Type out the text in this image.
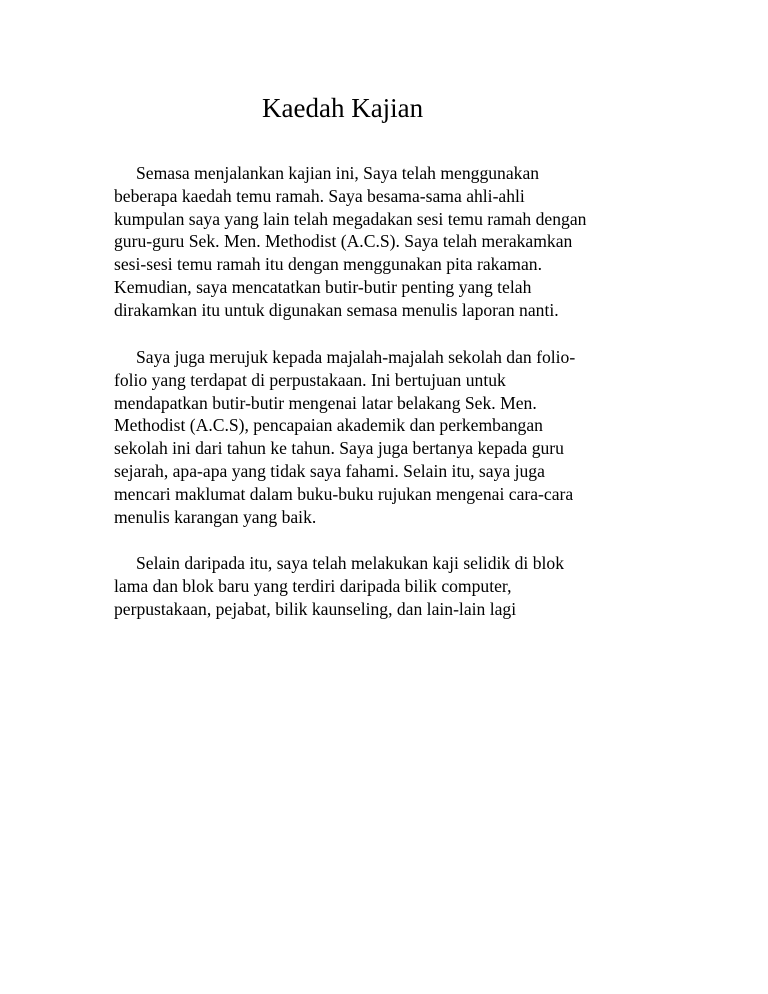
Kaedah Kajian
Semasa menjalankan kajian ini, Saya telah menggunakan
beberapa kaedah temu ramah. Saya besama-sama ahli-ahli
kumpulan saya yang lain telah megadakan sesi temu ramah dengan
guru-guru Sek. Men. Methodist (A.C.S). Saya telah merakamkan
sesi-sesi temu ramah itu dengan menggunakan pita rakaman.
Kemudian, saya mencatatkan butir-butir penting yang telah
dirakamkan itu untuk digunakan semasa menulis laporan nanti.
Saya juga merujuk kepada majalah-majalah sekolah dan folio-
folio yang terdapat di perpustakaan. Ini bertujuan untuk
mendapatkan butir-butir mengenai latar belakang Sek. Men.
Methodist (A.C.S), pencapaian akademik dan perkembangan
sekolah ini dari tahun ke tahun. Saya juga bertanya kepada guru
sejarah, apa-apa yang tidak saya fahami. Selain itu, saya juga
mencari maklumat dalam buku-buku rujukan mengenai cara-cara
menulis karangan yang baik.
Selain daripada itu, saya telah melakukan kaji selidik di blok
lama dan blok baru yang terdiri daripada bilik computer,
perpustakaan, pejabat, bilik kaunseling, dan lain-lain lagi
